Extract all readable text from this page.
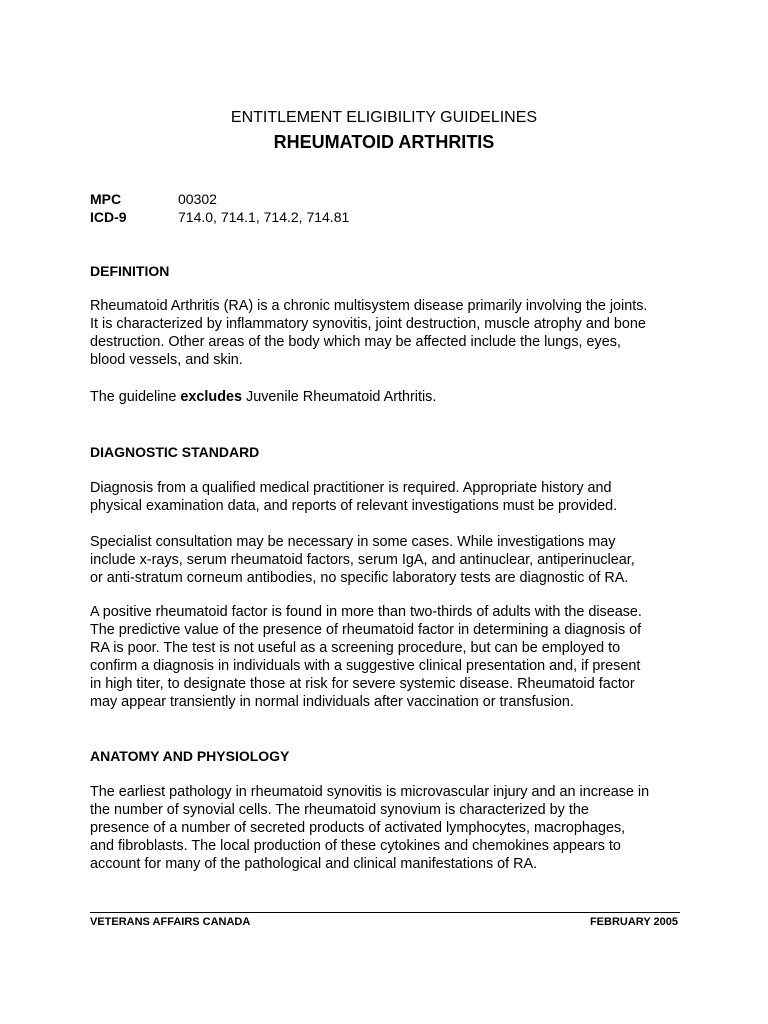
ENTITLEMENT ELIGIBILITY GUIDELINES
RHEUMATOID ARTHRITIS
MPC	00302
ICD-9	714.0, 714.1, 714.2, 714.81
DEFINITION

Rheumatoid Arthritis (RA) is a chronic multisystem disease primarily involving the joints.
It is characterized by inflammatory synovitis, joint destruction, muscle atrophy and bone
destruction. Other areas of the body which may be affected include the lungs, eyes,
blood vessels, and skin.

The guideline excludes Juvenile Rheumatoid Arthritis.

DIAGNOSTIC STANDARD

Diagnosis from a qualified medical practitioner is required. Appropriate history and
physical examination data, and reports of relevant investigations must be provided.

Specialist consultation may be necessary in some cases. While investigations may
include x-rays, serum rheumatoid factors, serum IgA, and antinuclear, antiperinuclear,
or anti-stratum corneum antibodies, no specific laboratory tests are diagnostic of RA.

A positive rheumatoid factor is found in more than two-thirds of adults with the disease.
The predictive value of the presence of rheumatoid factor in determining a diagnosis of
RA is poor. The test is not useful as a screening procedure, but can be employed to
confirm a diagnosis in individuals with a suggestive clinical presentation and, if present
in high titer, to designate those at risk for severe systemic disease. Rheumatoid factor
may appear transiently in normal individuals after vaccination or transfusion.

ANATOMY AND PHYSIOLOGY

The earliest pathology in rheumatoid synovitis is microvascular injury and an increase in
the number of synovial cells. The rheumatoid synovium is characterized by the
presence of a number of secreted products of activated lymphocytes, macrophages,
and fibroblasts. The local production of these cytokines and chemokines appears to
account for many of the pathological and clinical manifestations of RA.

VETERANS AFFAIRS CANADA	FEBRUARY 2005
